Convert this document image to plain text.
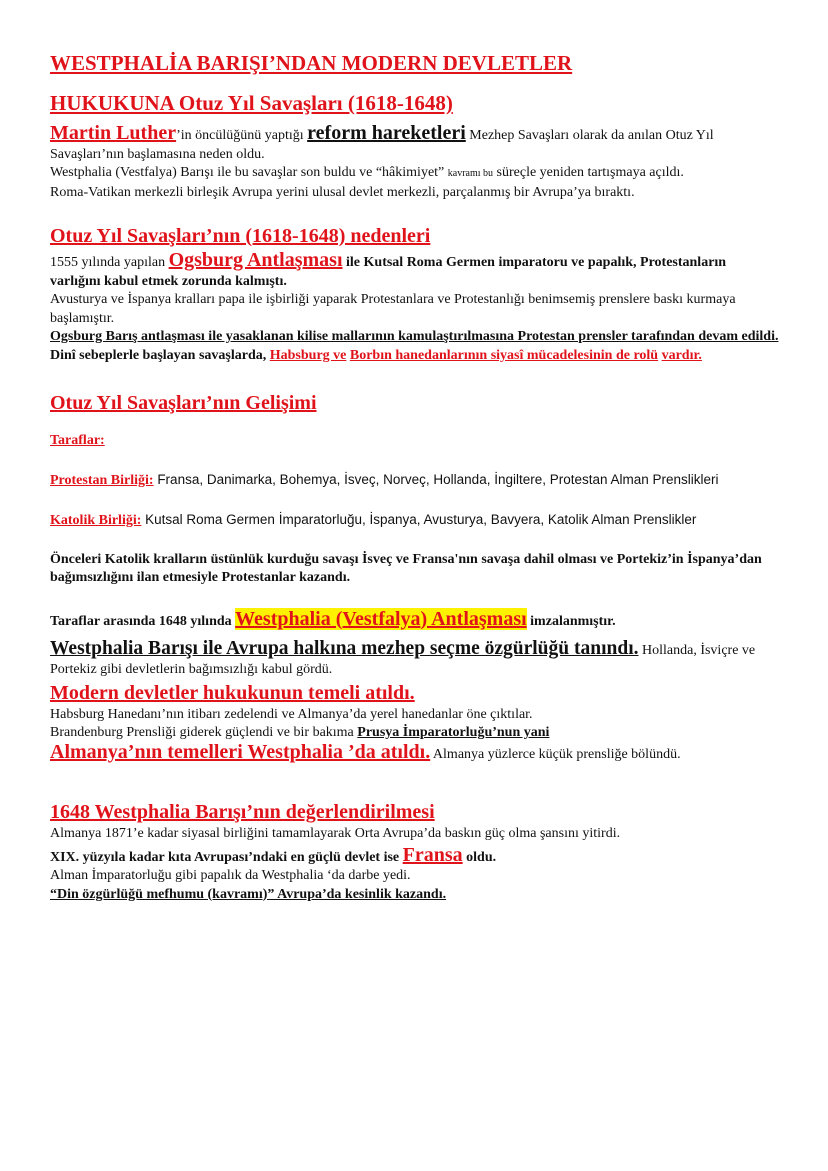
WESTPHALİA BARIŞI’NDAN MODERN DEVLETLER

HUKUKUNA Otuz Yıl Savaşları (1618-1648)

Martin Luther’in öncülüğünü yaptığı reform hareketleri Mezhep Savaşları olarak da anılan Otuz Yıl Savaşları’nın başlamasına neden oldu.

Westphalia (Vestfalya) Barışı ile bu savaşlar son buldu ve “hâkimiyet” kavramı bu süreçle yeniden tartışmaya açıldı.

Roma-Vatikan merkezli birleşik Avrupa yerini ulusal devlet merkezli, parçalanmış bir Avrupa’ya bıraktı.

Otuz Yıl Savaşları’nın (1618-1648) nedenleri

1555 yılında yapılan Ogsburg Antlaşması ile Kutsal Roma Germen imparatoru ve papalık, Protestanların varlığını kabul etmek zorunda kalmıştı.

Avusturya ve İspanya kralları papa ile işbirliği yaparak Protestanlara ve Protestanlığı benimsemiş prenslere baskı kurmaya başlamıştır.

Ogsburg Barış antlaşması ile yasaklanan kilise mallarının kamulaştırılmasına Protestan prensler tarafından devam edildi.

Dinî sebeplerle başlayan savaşlarda, Habsburg ve Borbın hanedanlarının siyasî mücadelesinin de rolü vardır.

Otuz Yıl Savaşları’nın Gelişimi

Taraflar:

Protestan Birliği: Fransa, Danimarka, Bohemya, İsveç, Norveç, Hollanda, İngiltere, Protestan Alman Prenslikleri

Katolik Birliği: Kutsal Roma Germen İmparatorluğu, İspanya, Avusturya, Bavyera, Katolik Alman Prenslikler

Önceleri Katolik kralların üstünlük kurduğu savaşı İsveç ve Fransa'nın savaşa dahil olması ve Portekiz’in İspanya’dan bağımsızlığını ilan etmesiyle Protestanlar kazandı.

Taraflar arasında 1648 yılında Westphalia (Vestfalya) Antlaşması imzalanmıştır.

Westphalia Barışı ile Avrupa halkına mezhep seçme özgürlüğü tanındı. Hollanda, İsviçre ve Portekiz gibi devletlerin bağımsızlığı kabul gördü.

Modern devletler hukukunun temeli atıldı.

Habsburg Hanedanı’nın itibarı zedelendi ve Almanya’da yerel hanedanlar öne çıktılar.

Brandenburg Prensliği giderek güçlendi ve bir bakıma Prusya İmparatorluğu’nun yani

Almanya’nın temelleri Westphalia ’da atıldı. Almanya yüzlerce küçük prensliğe bölündü.

1648 Westphalia Barışı’nın değerlendirilmesi

Almanya 1871’e kadar siyasal birliğini tamamlayarak Orta Avrupa’da baskın güç olma şansını yitirdi.

XIX. yüzyıla kadar kıta Avrupası’ndaki en güçlü devlet ise Fransa oldu.

Alman İmparatorluğu gibi papalık da Westphalia ‘da darbe yedi.

“Din özgürlüğü mefhumu (kavramı)” Avrupa’da kesinlik kazandı.
